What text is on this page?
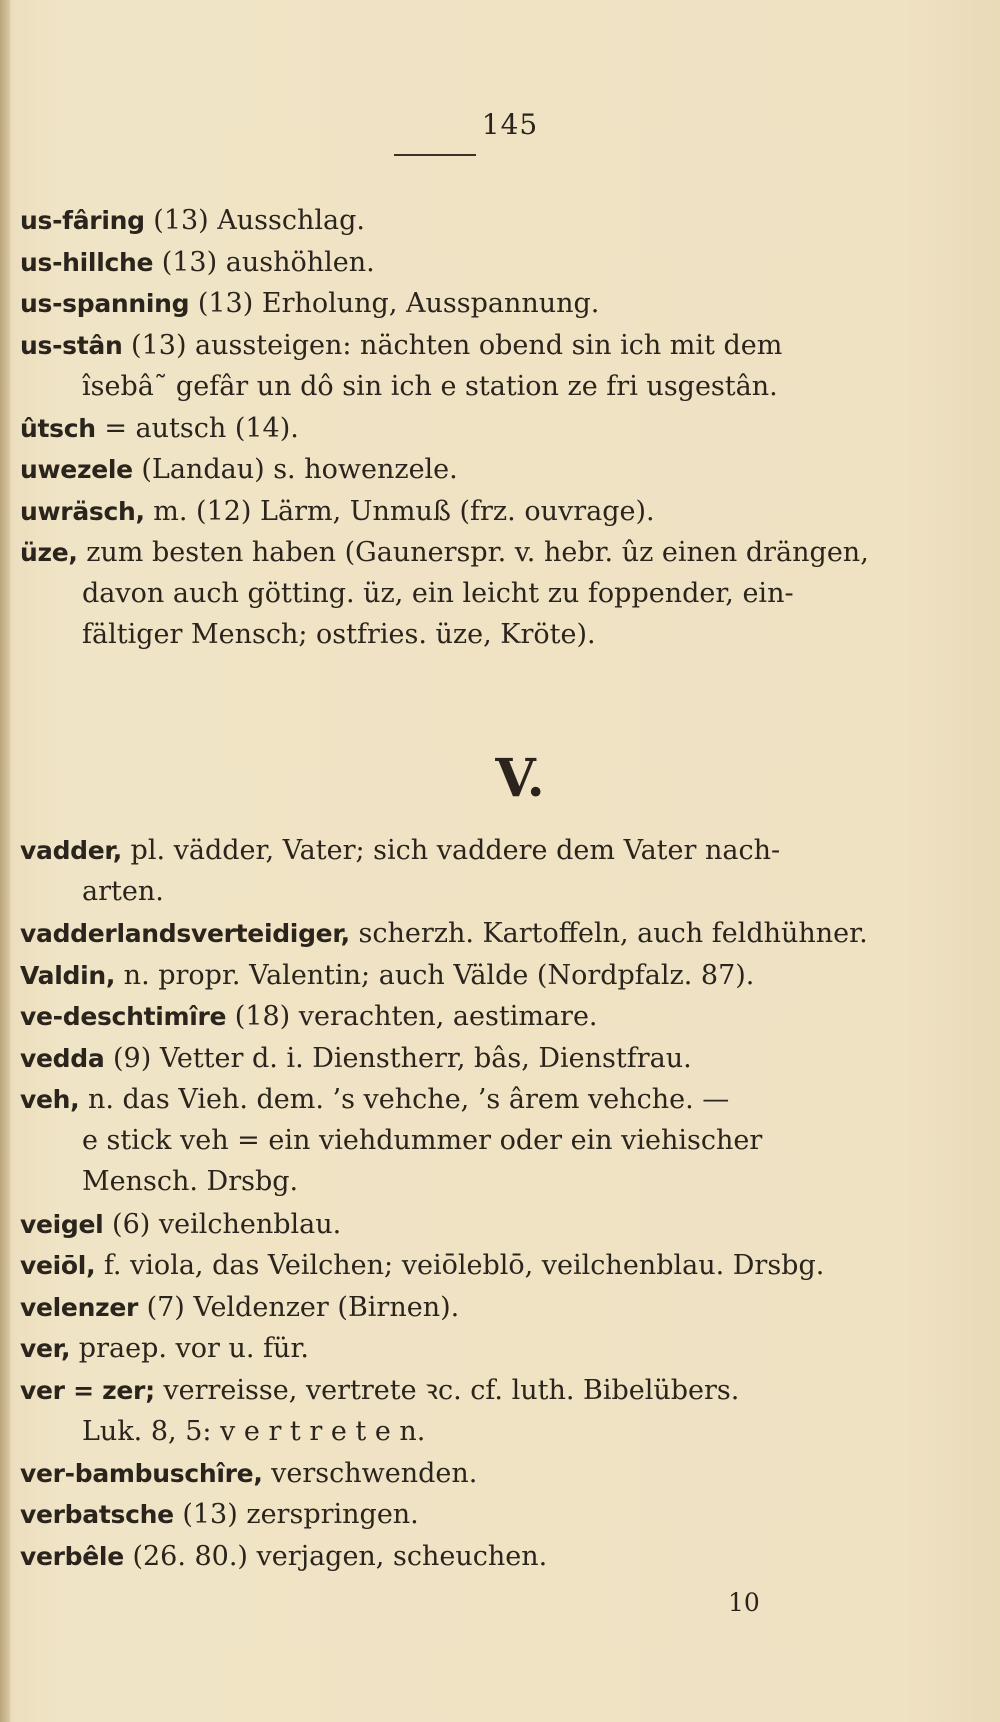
145
us-fâring (13) Ausschlag.
us-hillche (13) aushöhlen.
us-spanning (13) Erholung, Ausspannung.
us-stân (13) aussteigen: nächten obend sin ich mit dem
îsebâ˜ gefâr un dô sin ich e station ze fri usgestân.
ûtsch = autsch (14).
uwezele (Landau) s. howenzele.
uwräsch, m. (12) Lärm, Unmuß (frz. ouvrage).
üze, zum besten haben (Gaunerspr. v. hebr. ûz einen drängen,
davon auch götting. üz, ein leicht zu foppender, ein-
fältiger Mensch; ostfries. üze, Kröte).
V.
vadder, pl. vädder, Vater; sich vaddere dem Vater nach-
arten.
vadderlandsverteidiger, scherzh. Kartoffeln, auch feldhühner.
Valdin, n. propr. Valentin; auch Välde (Nordpfalz. 87).
ve-deschtimîre (18) verachten, aestimare.
vedda (9) Vetter d. i. Dienstherr, bâs, Dienstfrau.
veh, n. das Vieh. dem. ’s vehche, ’s ârem vehche. —
e stick veh = ein viehdummer oder ein viehischer
Mensch. Drsbg.
veigel (6) veilchenblau.
veiōl, f. viola, das Veilchen; veiōleblō, veilchenblau. Drsbg.
velenzer (7) Veldenzer (Birnen).
ver, praep. vor u. für.
ver = zer; verreisse, vertrete ꝛc. cf. luth. Bibelübers.
Luk. 8, 5: v e r t r e t e n.
ver-bambuschîre, verschwenden.
verbatsche (13) zerspringen.
verbêle (26. 80.) verjagen, scheuchen.
10
